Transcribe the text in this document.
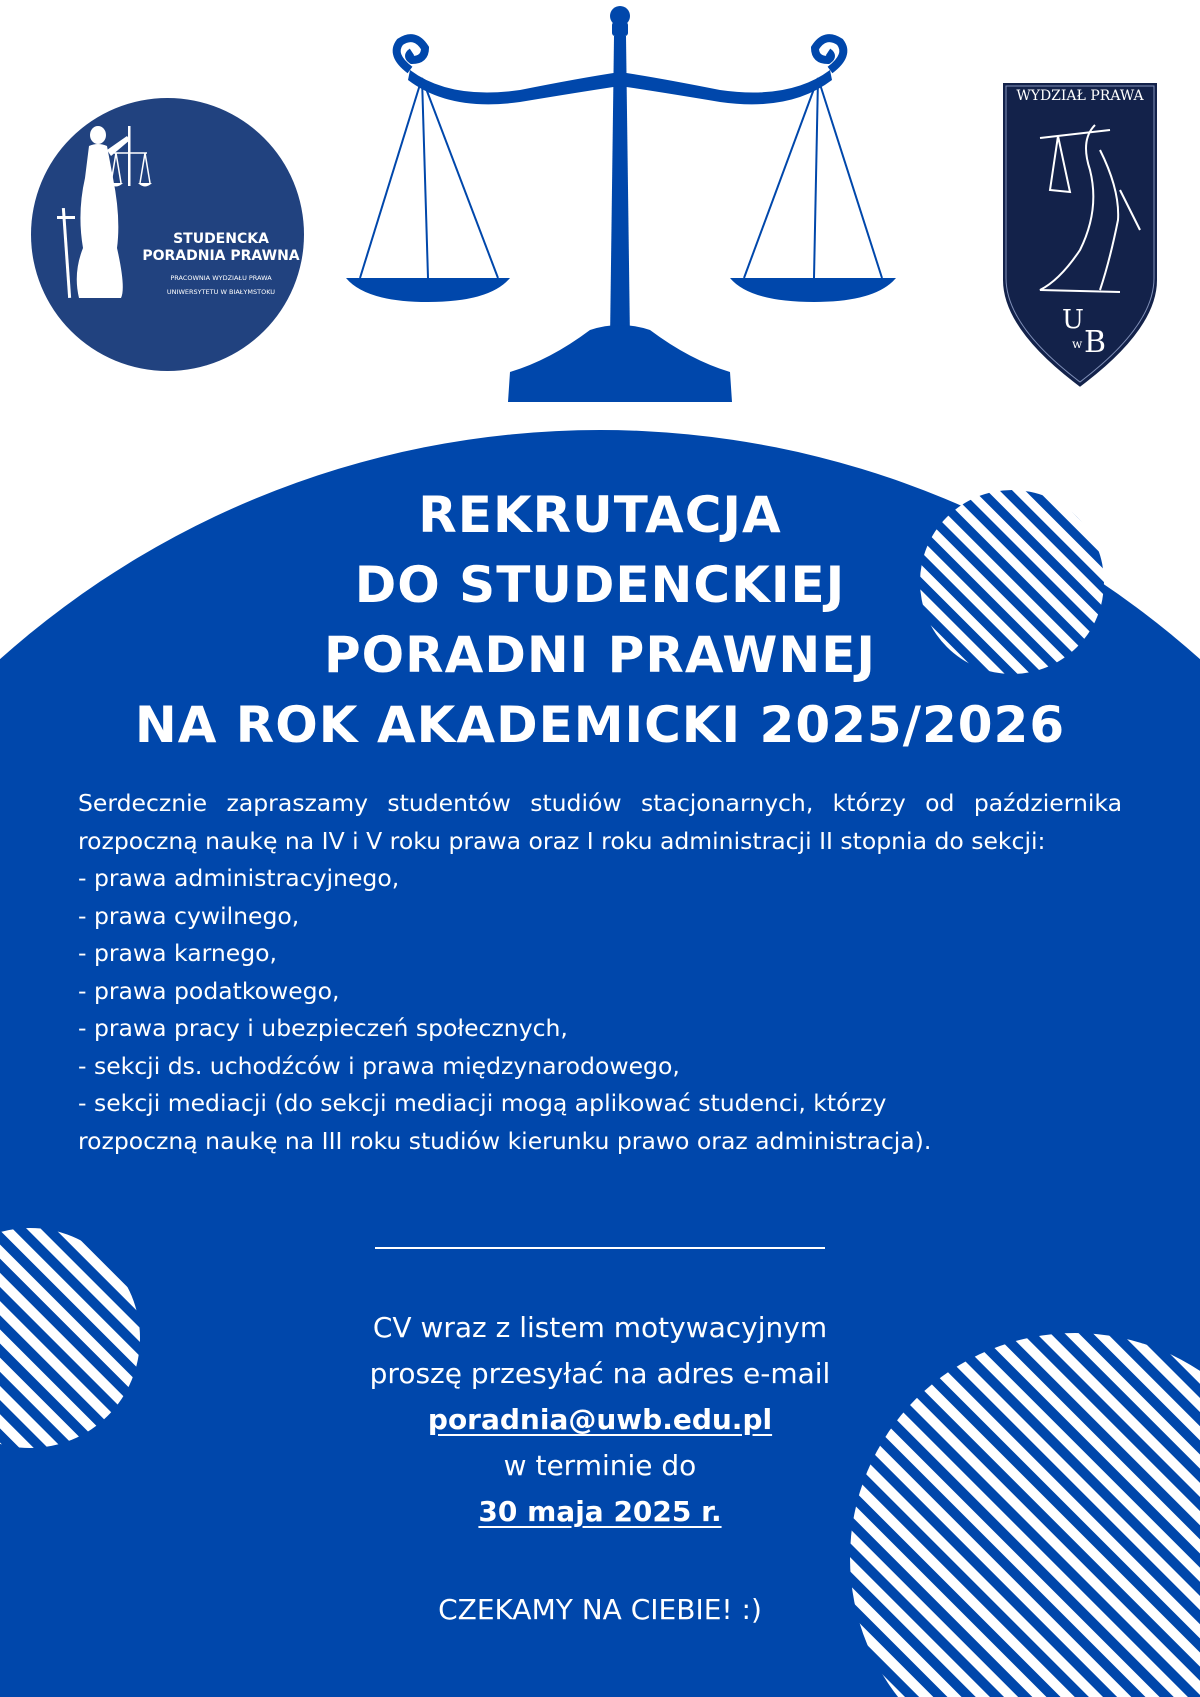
STUDENCKA
PORADNIA PRAWNA
PRACOWNIA WYDZIAŁU PRAWA
UNIWERSYTETU W BIAŁYMSTOKU
U
w B
WYDZIAŁ PRAWA
REKRUTACJA
DO STUDENCKIEJ
PORADNI PRAWNEJ
NA ROK AKADEMICKI 2025/2026
Serdecznie zapraszamy studentów studiów stacjonarnych, którzy od października rozpoczną naukę na IV i V roku prawa oraz I roku administracji II stopnia do sekcji:
- prawa administracyjnego,
- prawa cywilnego,
- prawa karnego,
- prawa podatkowego,
- prawa pracy i ubezpieczeń społecznych,
- sekcji ds. uchodźców i prawa międzynarodowego,
- sekcji mediacji (do sekcji mediacji mogą aplikować studenci, którzy
rozpoczną naukę na III roku studiów kierunku prawo oraz administracja).
CV wraz z listem motywacyjnym
proszę przesyłać na adres e-mail
poradnia@uwb.edu.pl
w terminie do
30 maja 2025 r.
CZEKAMY NA CIEBIE! :)
